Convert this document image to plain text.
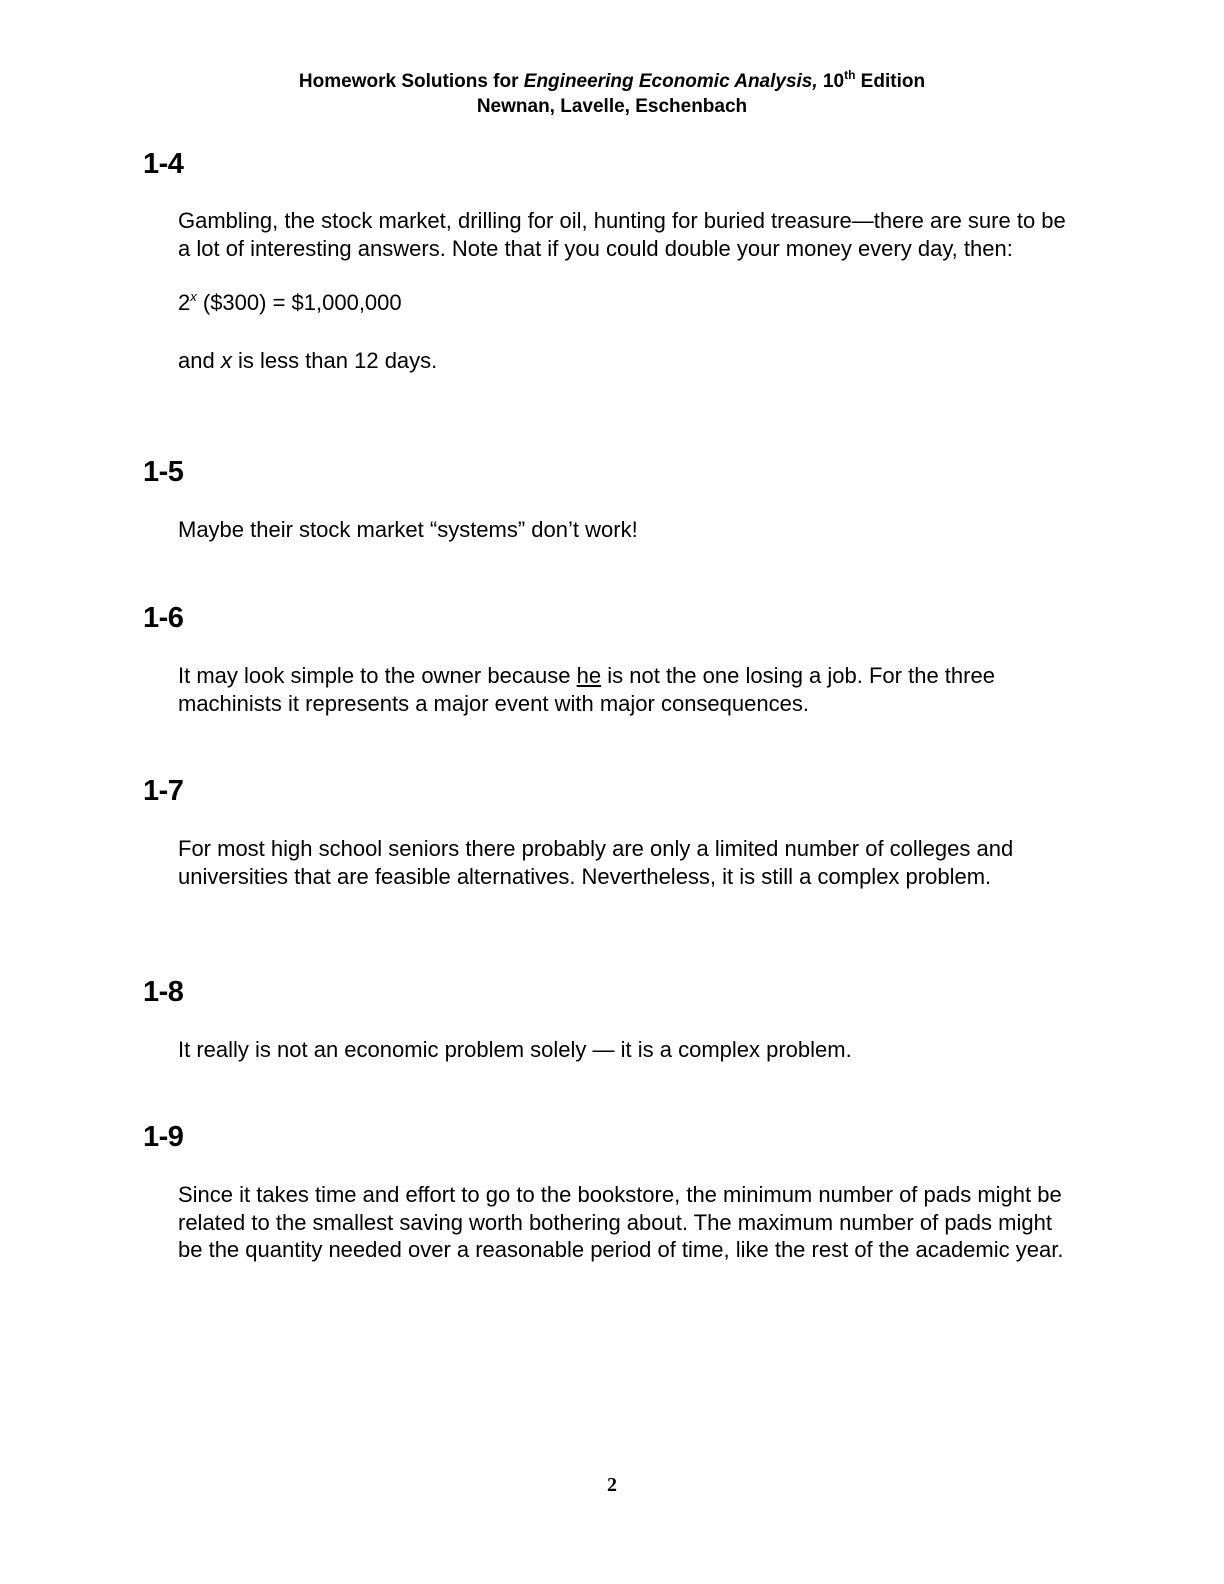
Homework Solutions for Engineering Economic Analysis, 10th Edition
Newnan, Lavelle, Eschenbach

1-4

Gambling, the stock market, drilling for oil, hunting for buried treasure—there are sure to be a lot of interesting answers. Note that if you could double your money every day, then:

2$^x$ ($300) = $1,000,000

and x is less than 12 days.

1-5

Maybe their stock market “systems” don’t work!

1-6

It may look simple to the owner because he is not the one losing a job. For the three machinists it represents a major event with major consequences.

1-7

For most high school seniors there probably are only a limited number of colleges and universities that are feasible alternatives. Nevertheless, it is still a complex problem.

1-8

It really is not an economic problem solely — it is a complex problem.

1-9

Since it takes time and effort to go to the bookstore, the minimum number of pads might be related to the smallest saving worth bothering about. The maximum number of pads might be the quantity needed over a reasonable period of time, like the rest of the academic year.

2
